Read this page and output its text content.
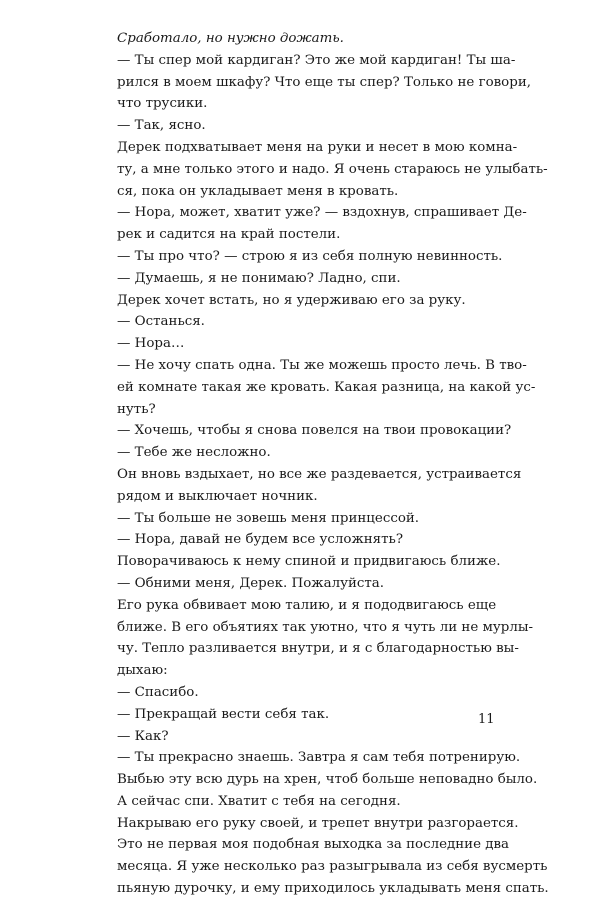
Сработало, но нужно дожать.
— Ты спер мой кардиган? Это же мой кардиган! Ты ша-
рился в моем шкафу? Что еще ты спер? Только не говори,
что трусики.
— Так, ясно.
Дерек подхватывает меня на руки и несет в мою комна-
ту, а мне только этого и надо. Я очень стараюсь не улыбать-
ся, пока он укладывает меня в кровать.
— Нора, может, хватит уже? — вздохнув, спрашивает Де-
рек и садится на край постели.
— Ты про что? — строю я из себя полную невинность.
— Думаешь, я не понимаю? Ладно, спи.
Дерек хочет встать, но я удерживаю его за руку.
— Останься.
— Нора…
— Не хочу спать одна. Ты же можешь просто лечь. В тво-
ей комнате такая же кровать. Какая разница, на какой ус-
нуть?
— Хочешь, чтобы я снова повелся на твои провокации?
— Тебе же несложно.
Он вновь вздыхает, но все же раздевается, устраивается
рядом и выключает ночник.
— Ты больше не зовешь меня принцессой.
— Нора, давай не будем все усложнять?
Поворачиваюсь к нему спиной и придвигаюсь ближе.
— Обними меня, Дерек. Пожалуйста.
Его рука обвивает мою талию, и я пододвигаюсь еще
ближе. В его объятиях так уютно, что я чуть ли не мурлы-
чу. Тепло разливается внутри, и я с благодарностью вы-
дыхаю:
— Спасибо.
— Прекращай вести себя так.
— Как?
— Ты прекрасно знаешь. Завтра я сам тебя потренирую.
Выбью эту всю дурь на хрен, чтоб больше неповадно было.
А сейчас спи. Хватит с тебя на сегодня.
Накрываю его руку своей, и трепет внутри разгорается.
Это не первая моя подобная выходка за последние два
месяца. Я уже несколько раз разыгрывала из себя вусмерть
пьяную дурочку, и ему приходилось укладывать меня спать.
11
